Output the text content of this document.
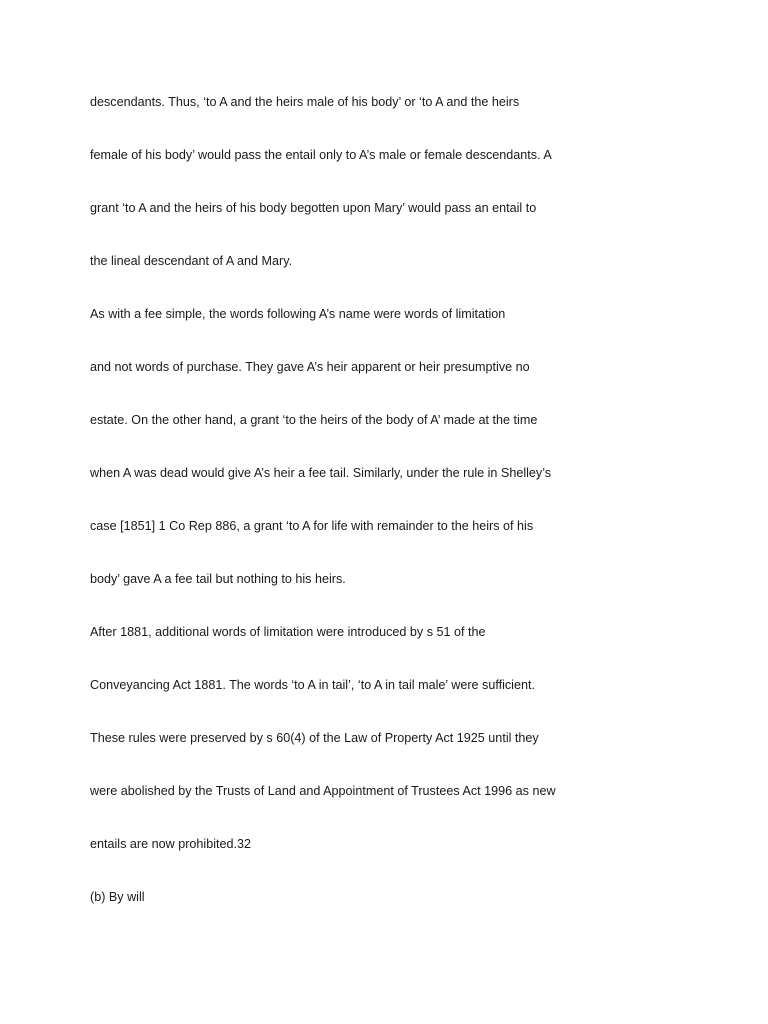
descendants. Thus, ‘to A and the heirs male of his body’ or ‘to A and the heirs
female of his body’ would pass the entail only to A’s male or female descendants. A
grant ‘to A and the heirs of his body begotten upon Mary’ would pass an entail to
the lineal descendant of A and Mary.
As with a fee simple, the words following A’s name were words of limitation
and not words of purchase. They gave A’s heir apparent or heir presumptive no
estate. On the other hand, a grant ‘to the heirs of the body of A’ made at the time
when A was dead would give A’s heir a fee tail. Similarly, under the rule in Shelley’s
case [1851] 1 Co Rep 886, a grant ‘to A for life with remainder to the heirs of his
body’ gave A a fee tail but nothing to his heirs.
After 1881, additional words of limitation were introduced by s 51 of the
Conveyancing Act 1881. The words ‘to A in tail’, ‘to A in tail male’ were sufficient.
These rules were preserved by s 60(4) of the Law of Property Act 1925 until they
were abolished by the Trusts of Land and Appointment of Trustees Act 1996 as new
entails are now prohibited.32
(b) By will
